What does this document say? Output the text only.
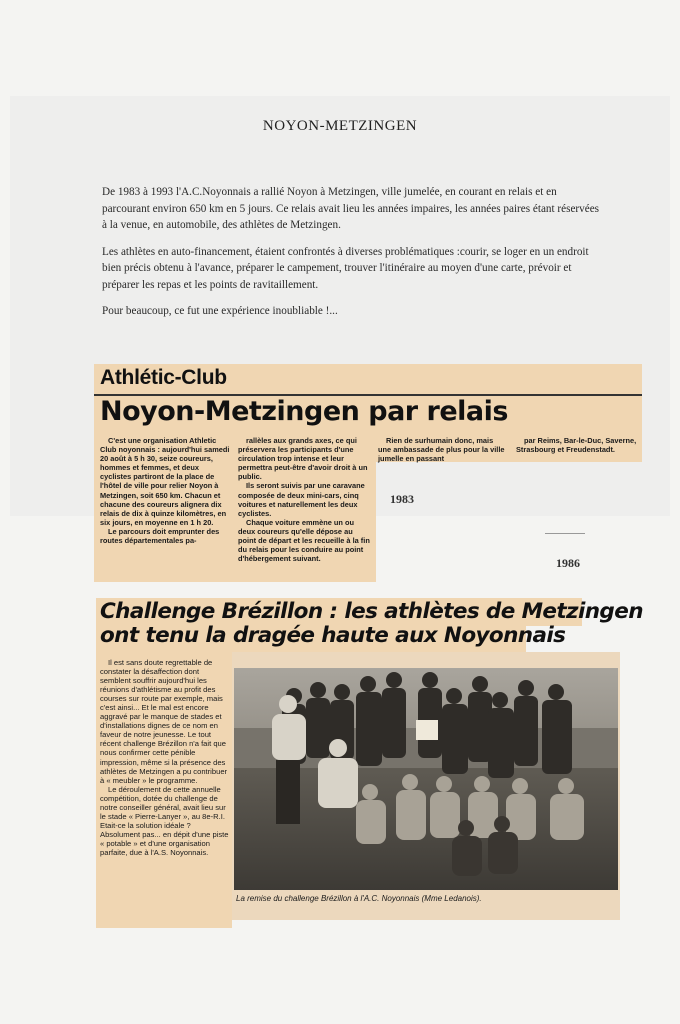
NOYON-METZINGEN

De 1983 à 1993 l'A.C.Noyonnais a rallié Noyon à Metzingen, ville jumelée, en courant en relais et en parcourant environ 650 km en 5 jours. Ce relais avait lieu les années impaires, les années paires étant réservées à la venue, en automobile, des athlètes de Metzingen.

Les athlètes en auto-financement, étaient confrontés à diverses problématiques :courir, se loger en un endroit bien précis obtenu à l'avance, préparer le campement, trouver l'itinéraire au moyen d'une carte, prévoir et préparer les repas et les points de ravitaillement.

Pour beaucoup, ce fut une expérience inoubliable !...

Athlétic-Club
Noyon-Metzingen par relais

C'est une organisation Athletic Club noyonnais : aujourd'hui samedi 20 août à 5 h 30, seize coureurs, hommes et femmes, et deux cyclistes partiront de la place de l'hôtel de ville pour relier Noyon à Metzingen, soit 650 km. Chacun et chacune des coureurs alignera dix relais de dix à quinze kilomètres, en six jours, en moyenne en 1 h 20.

Le parcours doit emprunter des routes départementales pa-

rallèles aux grands axes, ce qui préservera les participants d'une circulation trop intense et leur permettra peut-être d'avoir droit à un public.

Ils seront suivis par une caravane composée de deux mini-cars, cinq voitures et naturellement les deux cyclistes.

Chaque voiture emmène un ou deux coureurs qu'elle dépose au point de départ et les recueille à la fin du relais pour les conduire au point d'hébergement suivant.

Rien de surhumain donc, mais une ambassade de plus pour la ville jumelle en passant

par Reims, Bar-le-Duc, Saverne, Strasbourg et Freudenstadt.

1983
1986
Challenge Brézillon : les athlètes de Metzingen
ont tenu la dragée haute aux Noyonnais

Il est sans doute regrettable de constater la désaffection dont semblent souffrir aujourd'hui les réunions d'athlétisme au profit des courses sur route par exemple, mais c'est ainsi... Et le mal est encore aggravé par le manque de stades et d'installations dignes de ce nom en faveur de notre jeunesse. Le tout récent challenge Brézillon n'a fait que nous confirmer cette pénible impression, même si la présence des athlètes de Metzingen a pu contribuer à « meubler » le programme.

Le déroulement de cette annuelle compétition, dotée du challenge de notre conseiller général, avait lieu sur le stade « Pierre-Lanyer », au 8e-R.I. Etait-ce la solution idéale ? Absolument pas... en dépit d'une piste « potable » et d'une organisation parfaite, due à l'A.S. Noyonnais.

La remise du challenge Brézillon à l'A.C. Noyonnais (Mme Ledanois).
